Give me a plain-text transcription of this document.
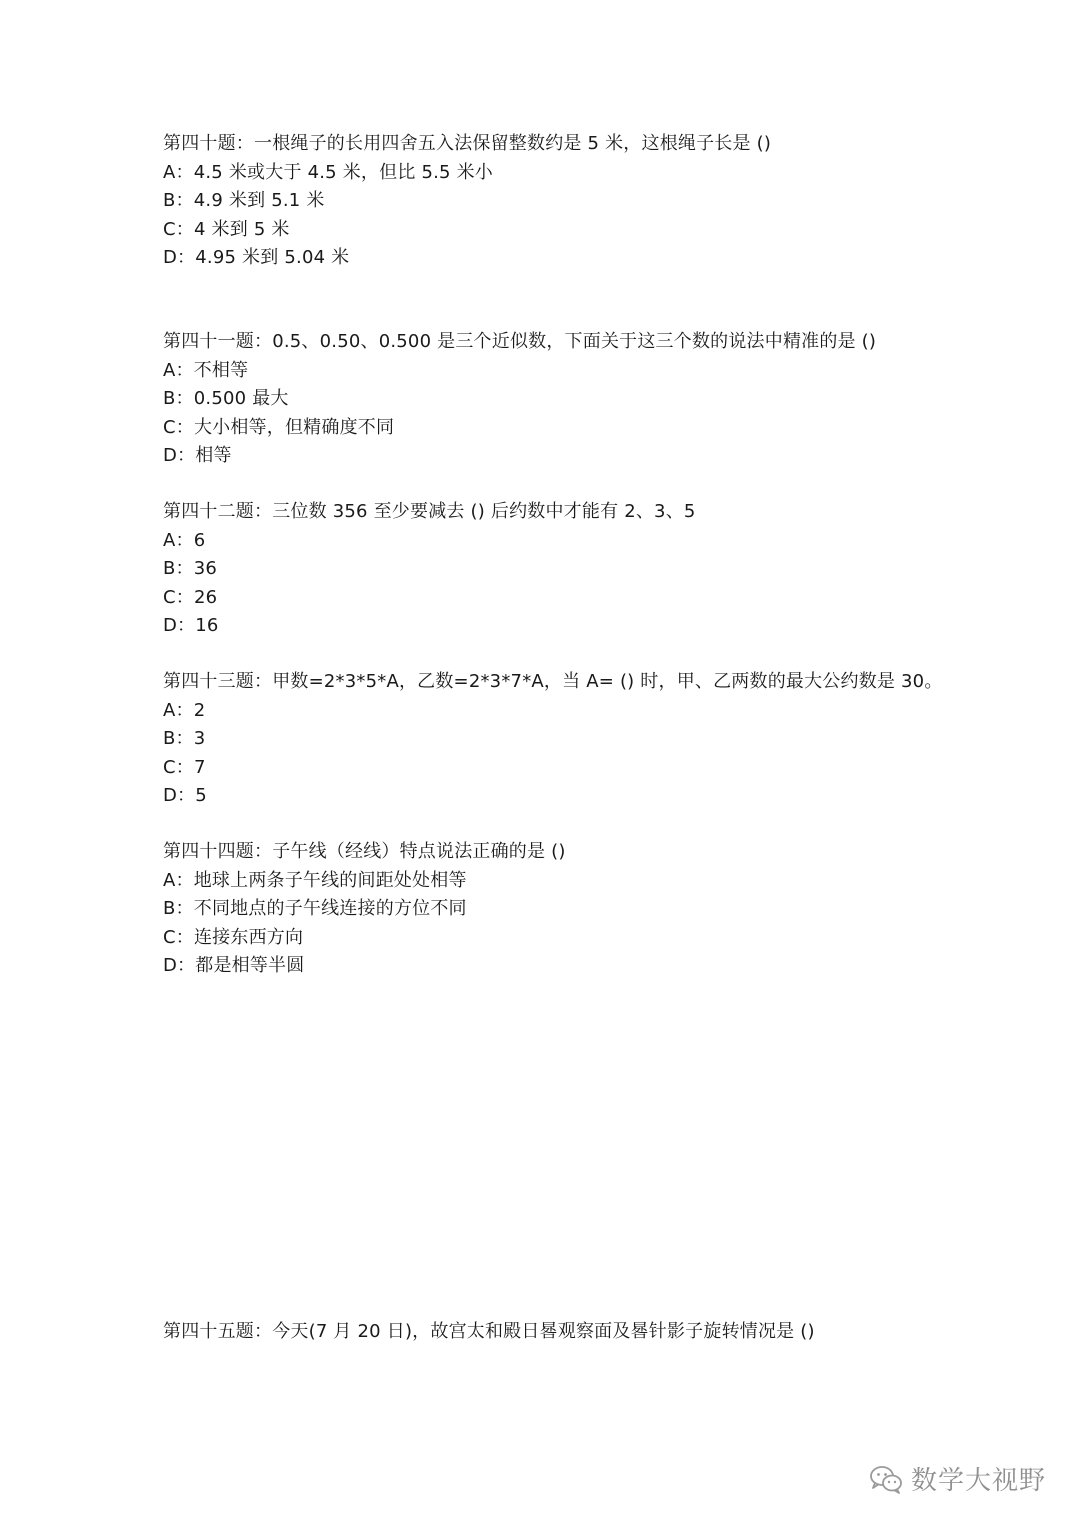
第四十题：一根绳子的长用四舍五入法保留整数约是 5 米，这根绳子长是 ()
A：4.5 米或大于 4.5 米，但比 5.5 米小
B：4.9 米到 5.1 米
C：4 米到 5 米
D：4.95 米到 5.04 米
第四十一题：0.5、0.50、0.500 是三个近似数，下面关于这三个数的说法中精准的是 ()
A：不相等
B：0.500 最大
C：大小相等，但精确度不同
D：相等
第四十二题：三位数 356 至少要减去 () 后约数中才能有 2、3、5
A：6
B：36
C：26
D：16
第四十三题：甲数=2*3*5*A，乙数=2*3*7*A，当 A= () 时，甲、乙两数的最大公约数是 30。
A：2
B：3
C：7
D：5
第四十四题：子午线（经线）特点说法正确的是 ()
A：地球上两条子午线的间距处处相等
B：不同地点的子午线连接的方位不同
C：连接东西方向
D：都是相等半圆
第四十五题：今天(7 月 20 日)，故宫太和殿日晷观察面及晷针影子旋转情况是 ()
数学大视野
